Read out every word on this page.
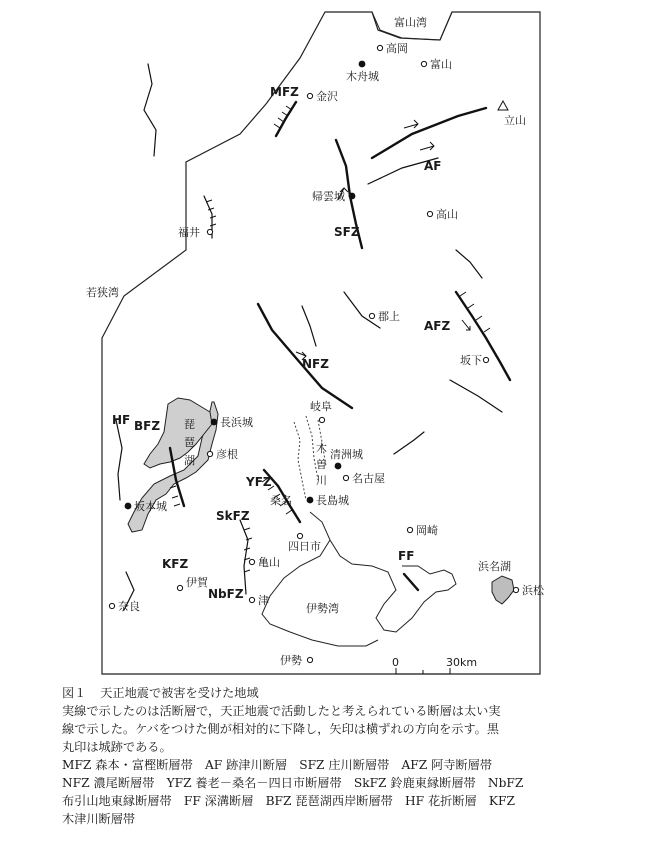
0	30km
富山湾
若狭湾
伊勢湾
浜名湖
琵
琶
湖
木
曽
川
高岡
富山
金沢
立山
高山
福井
郡上
坂下
岐阜
彦根
名古屋
桑名
四日市
岡崎
亀山
伊賀
津
奈良
伊勢
浜松
木舟城
帰雲城
長浜城
清洲城
長島城
坂本城
MFZ
AF
SFZ
AFZ
NFZ
HF BFZ
YFZ
SkFZ
KFZ
NbFZ
FF
図１ 天正地震で被害を受けた地域
実線で示したのは活断層で，天正地震で活動したと考えられている断層は太い実
線で示した。ケバをつけた側が相対的に下降し，矢印は横ずれの方向を示す。黒
丸印は城跡である。
MFZ 森本・富樫断層帯　AF 跡津川断層　SFZ 庄川断層帯　AFZ 阿寺断層帯
NFZ 濃尾断層帯　YFZ 養老－桑名－四日市断層帯　SkFZ 鈴鹿東縁断層帯　NbFZ
布引山地東縁断層帯　FF 深溝断層　BFZ 琵琶湖西岸断層帯　HF 花折断層　KFZ
木津川断層帯
